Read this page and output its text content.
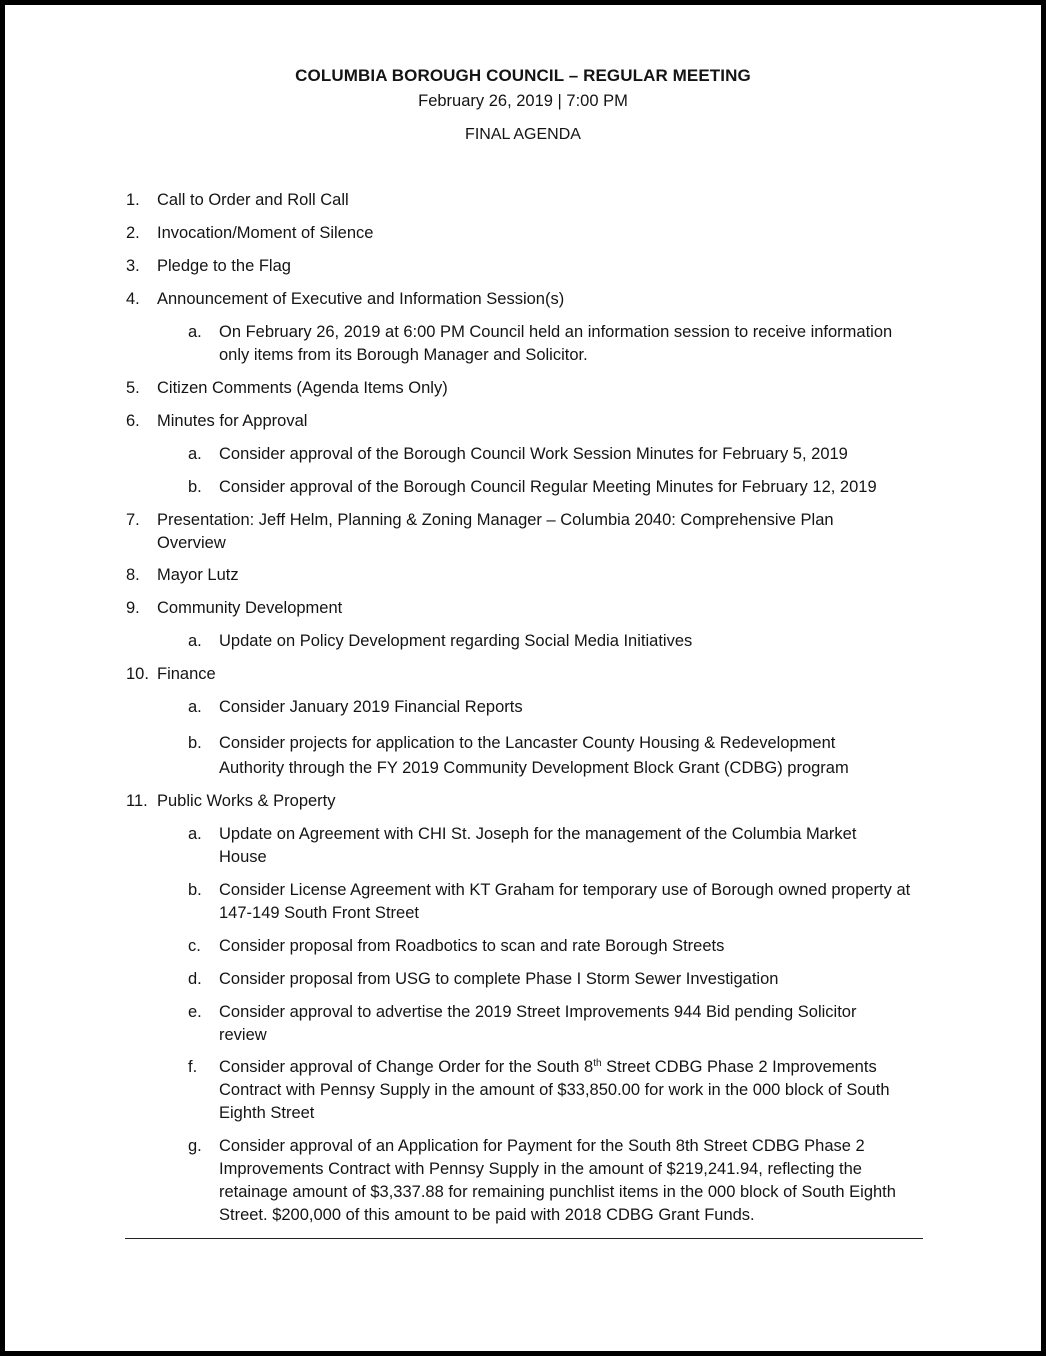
COLUMBIA BOROUGH COUNCIL – REGULAR MEETING
February 26, 2019 | 7:00 PM
FINAL AGENDA
1. Call to Order and Roll Call
2. Invocation/Moment of Silence
3. Pledge to the Flag
4. Announcement of Executive and Information Session(s)
a. On February 26, 2019 at 6:00 PM Council held an information session to receive information only items from its Borough Manager and Solicitor.
5. Citizen Comments (Agenda Items Only)
6. Minutes for Approval
a. Consider approval of the Borough Council Work Session Minutes for February 5, 2019
b. Consider approval of the Borough Council Regular Meeting Minutes for February 12, 2019
7. Presentation: Jeff Helm, Planning & Zoning Manager – Columbia 2040: Comprehensive Plan Overview
8. Mayor Lutz
9. Community Development
a. Update on Policy Development regarding Social Media Initiatives
10. Finance
a. Consider January 2019 Financial Reports
b. Consider projects for application to the Lancaster County Housing & Redevelopment Authority through the FY 2019 Community Development Block Grant (CDBG) program
11. Public Works & Property
a. Update on Agreement with CHI St. Joseph for the management of the Columbia Market House
b. Consider License Agreement with KT Graham for temporary use of Borough owned property at 147-149 South Front Street
c. Consider proposal from Roadbotics to scan and rate Borough Streets
d. Consider proposal from USG to complete Phase I Storm Sewer Investigation
e. Consider approval to advertise the 2019 Street Improvements 944 Bid pending Solicitor review
f. Consider approval of Change Order for the South 8th Street CDBG Phase 2 Improvements Contract with Pennsy Supply in the amount of $33,850.00 for work in the 000 block of South Eighth Street
g. Consider approval of an Application for Payment for the South 8th Street CDBG Phase 2 Improvements Contract with Pennsy Supply in the amount of $219,241.94, reflecting the retainage amount of $3,337.88 for remaining punchlist items in the 000 block of South Eighth Street. $200,000 of this amount to be paid with 2018 CDBG Grant Funds.
